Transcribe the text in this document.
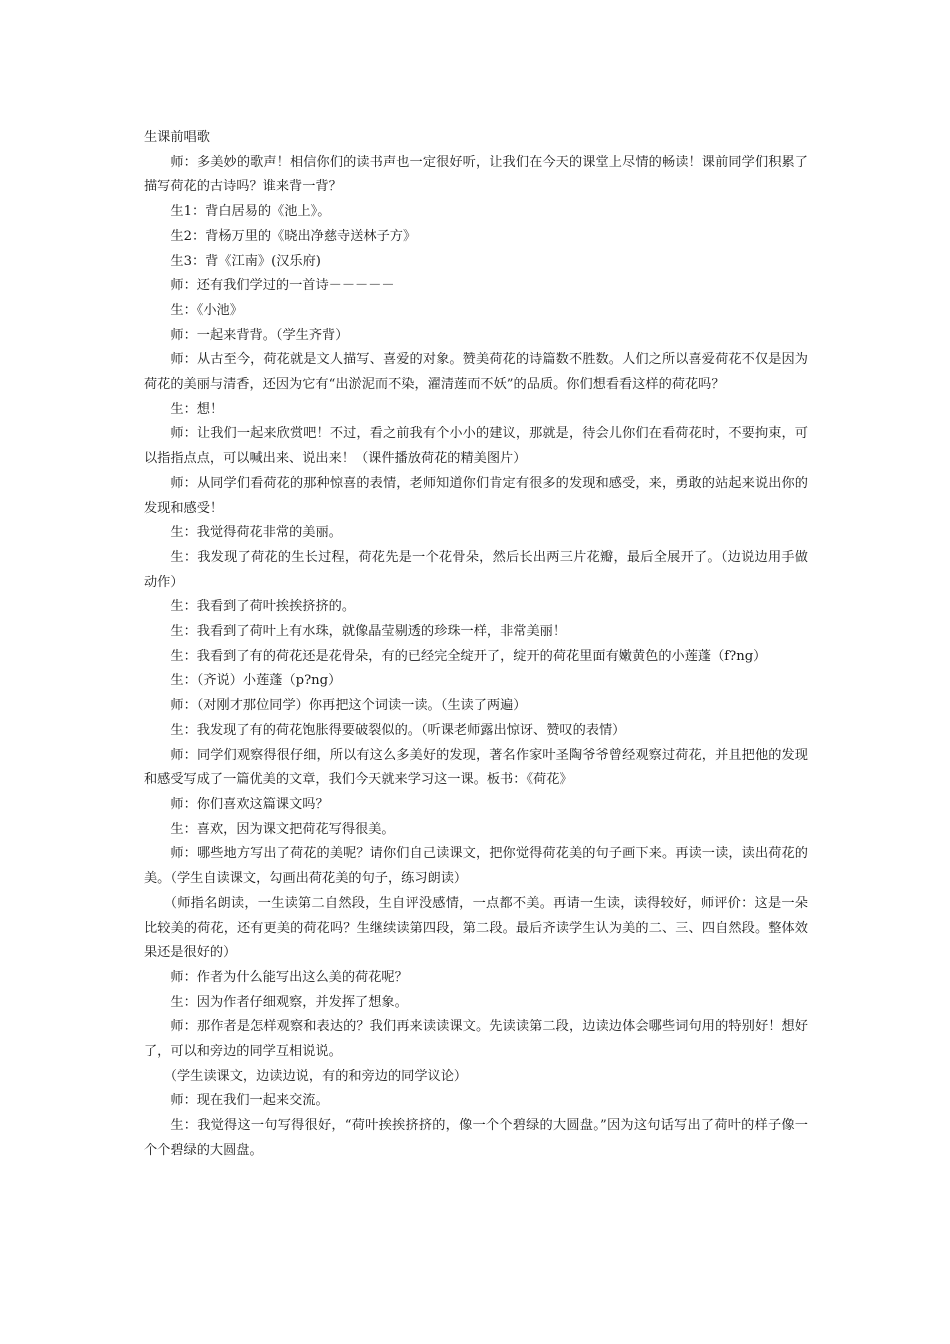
生课前唱歌

师：多美妙的歌声！相信你们的读书声也一定很好听，让我们在今天的课堂上尽情的畅读！课前同学们积累了描写荷花的古诗吗？谁来背一背？

生1：背白居易的《池上》。

生2：背杨万里的《晓出净慈寺送林子方》

生3：背《江南》(汉乐府)

师：还有我们学过的一首诗－－－－－

生：《小池》

师：一起来背背。（学生齐背）

师：从古至今，荷花就是文人描写、喜爱的对象。赞美荷花的诗篇数不胜数。人们之所以喜爱荷花不仅是因为荷花的美丽与清香，还因为它有“出淤泥而不染，濯清莲而不妖”的品质。你们想看看这样的荷花吗？

生：想！

师：让我们一起来欣赏吧！不过，看之前我有个小小的建议，那就是，待会儿你们在看荷花时，不要拘束，可以指指点点，可以喊出来、说出来！（课件播放荷花的精美图片）

师：从同学们看荷花的那种惊喜的表情，老师知道你们肯定有很多的发现和感受，来，勇敢的站起来说出你的发现和感受！

生：我觉得荷花非常的美丽。

生：我发现了荷花的生长过程，荷花先是一个花骨朵，然后长出两三片花瓣，最后全展开了。（边说边用手做动作）

生：我看到了荷叶挨挨挤挤的。

生：我看到了荷叶上有水珠，就像晶莹剔透的珍珠一样，非常美丽！

生：我看到了有的荷花还是花骨朵，有的已经完全绽开了，绽开的荷花里面有嫩黄色的小莲蓬（f?ng）

生：（齐说）小莲蓬（p?ng）

师：（对刚才那位同学）你再把这个词读一读。（生读了两遍）

生：我发现了有的荷花饱胀得要破裂似的。（听课老师露出惊讶、赞叹的表情）

师：同学们观察得很仔细，所以有这么多美好的发现，著名作家叶圣陶爷爷曾经观察过荷花，并且把他的发现和感受写成了一篇优美的文章，我们今天就来学习这一课。板书：《荷花》

师：你们喜欢这篇课文吗？

生：喜欢，因为课文把荷花写得很美。

师：哪些地方写出了荷花的美呢？请你们自己读课文，把你觉得荷花美的句子画下来。再读一读，读出荷花的美。（学生自读课文，勾画出荷花美的句子，练习朗读）

（师指名朗读，一生读第二自然段，生自评没感情，一点都不美。再请一生读，读得较好，师评价：这是一朵比较美的荷花，还有更美的荷花吗？生继续读第四段，第二段。最后齐读学生认为美的二、三、四自然段。整体效果还是很好的）

师：作者为什么能写出这么美的荷花呢？

生：因为作者仔细观察，并发挥了想象。

师：那作者是怎样观察和表达的？我们再来读读课文。先读读第二段，边读边体会哪些词句用的特别好！想好了，可以和旁边的同学互相说说。

（学生读课文，边读边说，有的和旁边的同学议论）

师：现在我们一起来交流。

生：我觉得这一句写得很好，“荷叶挨挨挤挤的，像一个个碧绿的大圆盘。”因为这句话写出了荷叶的样子像一个个碧绿的大圆盘。
